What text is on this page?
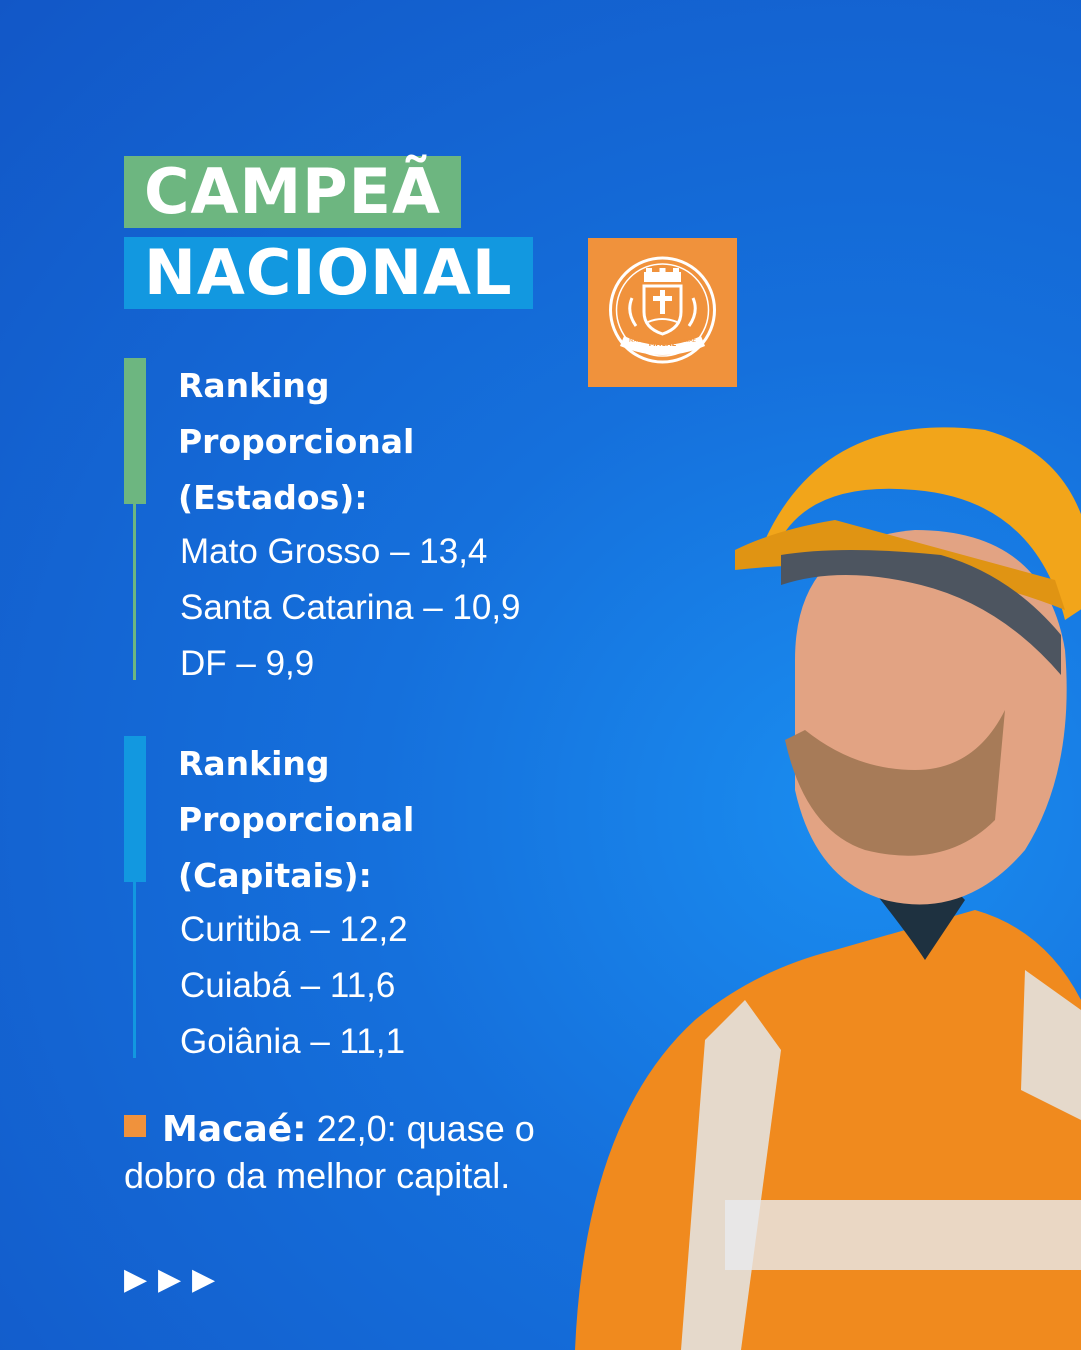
CAMPEÃ
NACIONAL
MACAÉ
MACAÉ	MACAÉ
Ranking
Proporcional
(Estados):
Mato Grosso – 13,4
Santa Catarina – 10,9
DF – 9,9
Ranking
Proporcional
(Capitais):
Curitiba – 12,2
Cuiabá – 11,6
Goiânia – 11,1
Macaé: 22,0: quase o dobro da melhor capital.
▶ ▶ ▶
